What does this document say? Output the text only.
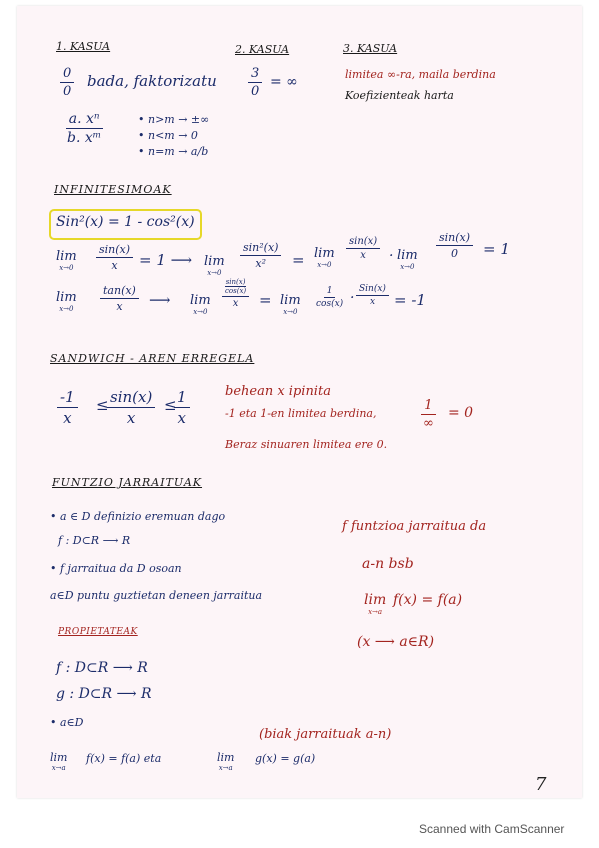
1. KASUA	2. KASUA	3. KASUA
$\frac{0}{0}$ bada, faktorizatu $\frac{3}{0}$ = ∞	limitea ∞-ra, maila berdina
Koefizienteak harta
$\frac{\text{a. xⁿ}}{\text{b. xᵐ}}$	• n>m → ±∞
• n<m → 0
• n=m → a/b
INFINITESIMOAK
Sin²(x) = 1 - cos²(x)
lim
$x\to 0 \frac{\sin(x)}{x} = 1$ ⟶ lim
x→0
$\frac{\text{sin²(x)}}{\text{x²}} = \lim$
x→0
$\frac{\sin(x)}{x} \cdot \lim$
x→0
$\frac{\sin(x)}{0} = 1$
lim
$x\to 0 \frac{\tan(x)}{x}$ ⟶ lim
x→0
sin(x)
cos(x)
x = lim
x→0
$\frac{1}{\cos(x)}$ ·
Sin(x)
x = -1
SANDWICH - AREN ERREGELA
$\frac{-1}{x}$ ≤
$\frac{\sin(x)}{x}$ ≤
$\frac{1}{x}$	behean x ipinita
-1 eta 1-en limitea berdina,
1
∞
= 0
Beraz sinuaren limitea ere 0.
FUNTZIO JARRAITUAK
• a ∈ D definizio eremuan dago
f : D⊂R ⟶ R
• f jarraitua da D osoan
a∈D puntu guztietan deneen jarraitua
f funtzioa jarraitua da
a-n bsb
lim
x→a
f(x) = f(a)
(x ⟶ a∈R)
PROPIETATEAK
f : D⊂R ⟶ R
g : D⊂R ⟶ R
• a∈D
(biak jarraituak a-n)
lim
x→a
f(x) = f(a) eta	lim
x→a
g(x) = g(a)
7
Scanned with CamScanner
